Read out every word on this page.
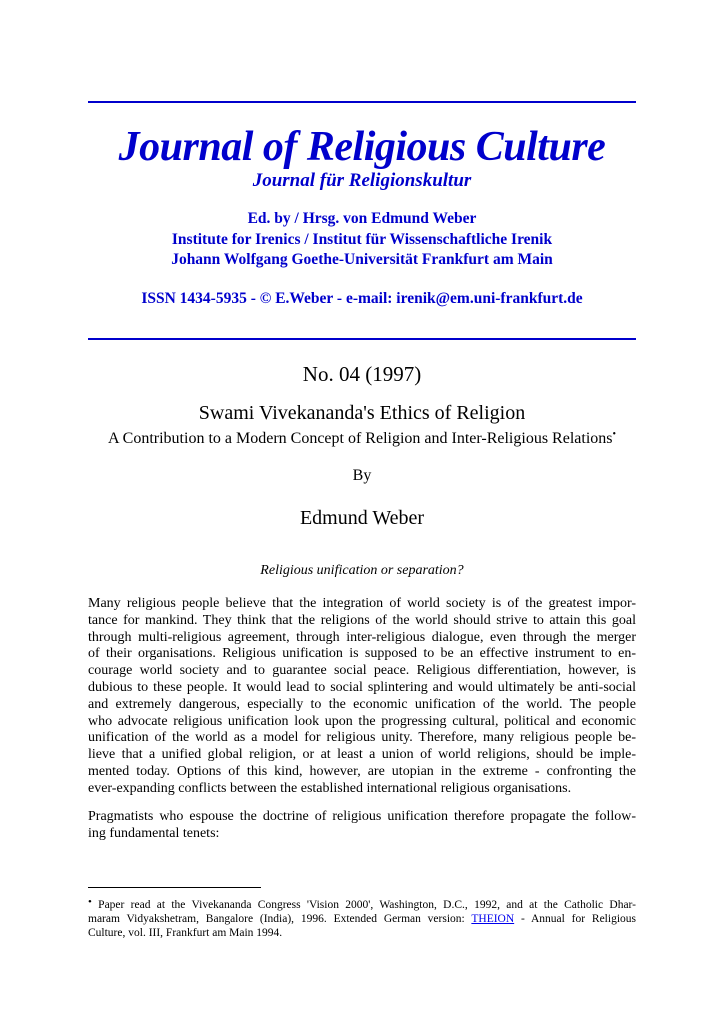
Journal of Religious Culture
Journal für Religionskultur
Ed. by / Hrsg. von Edmund Weber
Institute for Irenics / Institut für Wissenschaftliche Irenik
Johann Wolfgang Goethe-Universität Frankfurt am Main
ISSN 1434-5935 - © E.Weber - e-mail: irenik@em.uni-frankfurt.de
No. 04 (1997)
Swami Vivekananda's Ethics of Religion
A Contribution to a Modern Concept of Religion and Inter-Religious Relations•
By
Edmund Weber
Religious unification or separation?
Many religious people believe that the integration of world society is of the greatest impor-
tance for mankind. They think that the religions of the world should strive to attain this goal
through multi-religious agreement, through inter-religious dialogue, even through the merger
of their organisations. Religious unification is supposed to be an effective instrument to en-
courage world society and to guarantee social peace. Religious differentiation, however, is
dubious to these people. It would lead to social splintering and would ultimately be anti-social
and extremely dangerous, especially to the economic unification of the world. The people
who advocate religious unification look upon the progressing cultural, political and economic
unification of the world as a model for religious unity. Therefore, many religious people be-
lieve that a unified global religion, or at least a union of world religions, should be imple-
mented today. Options of this kind, however, are utopian in the extreme - confronting the
ever-expanding conflicts between the established international religious organisations.
Pragmatists who espouse the doctrine of religious unification therefore propagate the follow-
ing fundamental tenets:
• Paper read at the Vivekananda Congress 'Vision 2000', Washington, D.C., 1992, and at the Catholic Dhar-
maram Vidyakshetram, Bangalore (India), 1996. Extended German version: THEION - Annual for Religious
Culture, vol. III, Frankfurt am Main 1994.
